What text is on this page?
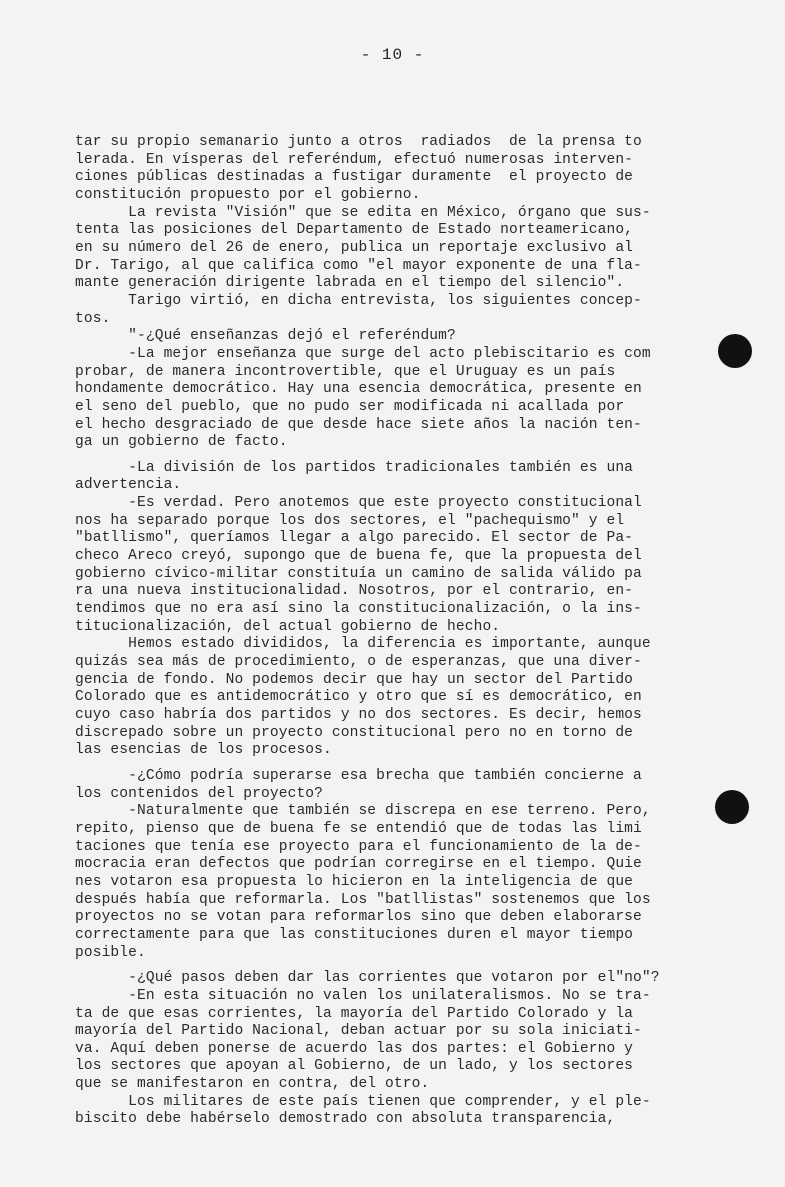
- 10 -
tar su propio semanario junto a otros  radiados  de la prensa to
lerada. En vísperas del referéndum, efectuó numerosas interven-
ciones públicas destinadas a fustigar duramente  el proyecto de
constitución propuesto por el gobierno.
La revista "Visión" que se edita en México, órgano que sus-
tenta las posiciones del Departamento de Estado norteamericano,
en su número del 26 de enero, publica un reportaje exclusivo al
Dr. Tarigo, al que califica como "el mayor exponente de una fla-
mante generación dirigente labrada en el tiempo del silencio".
Tarigo virtió, en dicha entrevista, los siguientes concep-
tos.
"-¿Qué enseñanzas dejó el referéndum?
-La mejor enseñanza que surge del acto plebiscitario es com
probar, de manera incontrovertible, que el Uruguay es un país
hondamente democrático. Hay una esencia democrática, presente en
el seno del pueblo, que no pudo ser modificada ni acallada por
el hecho desgraciado de que desde hace siete años la nación ten-
ga un gobierno de facto.
-La división de los partidos tradicionales también es una
advertencia.
-Es verdad. Pero anotemos que este proyecto constitucional
nos ha separado porque los dos sectores, el "pachequismo" y el
"batllismo", queríamos llegar a algo parecido. El sector de Pa-
checo Areco creyó, supongo que de buena fe, que la propuesta del
gobierno cívico-militar constituía un camino de salida válido pa
ra una nueva institucionalidad. Nosotros, por el contrario, en-
tendimos que no era así sino la constitucionalización, o la ins-
titucionalización, del actual gobierno de hecho.
Hemos estado divididos, la diferencia es importante, aunque
quizás sea más de procedimiento, o de esperanzas, que una diver-
gencia de fondo. No podemos decir que hay un sector del Partido
Colorado que es antidemocrático y otro que sí es democrático, en
cuyo caso habría dos partidos y no dos sectores. Es decir, hemos
discrepado sobre un proyecto constitucional pero no en torno de
las esencias de los procesos.
-¿Cómo podría superarse esa brecha que también concierne a
los contenidos del proyecto?
-Naturalmente que también se discrepa en ese terreno. Pero,
repito, pienso que de buena fe se entendió que de todas las limi
taciones que tenía ese proyecto para el funcionamiento de la de-
mocracia eran defectos que podrían corregirse en el tiempo. Quie
nes votaron esa propuesta lo hicieron en la inteligencia de que
después había que reformarla. Los "batllistas" sostenemos que los
proyectos no se votan para reformarlos sino que deben elaborarse
correctamente para que las constituciones duren el mayor tiempo
posible.
-¿Qué pasos deben dar las corrientes que votaron por el"no"?
-En esta situación no valen los unilateralismos. No se tra-
ta de que esas corrientes, la mayoría del Partido Colorado y la
mayoría del Partido Nacional, deban actuar por su sola iniciati-
va. Aquí deben ponerse de acuerdo las dos partes: el Gobierno y
los sectores que apoyan al Gobierno, de un lado, y los sectores
que se manifestaron en contra, del otro.
Los militares de este país tienen que comprender, y el ple-
biscito debe habérselo demostrado con absoluta transparencia,
